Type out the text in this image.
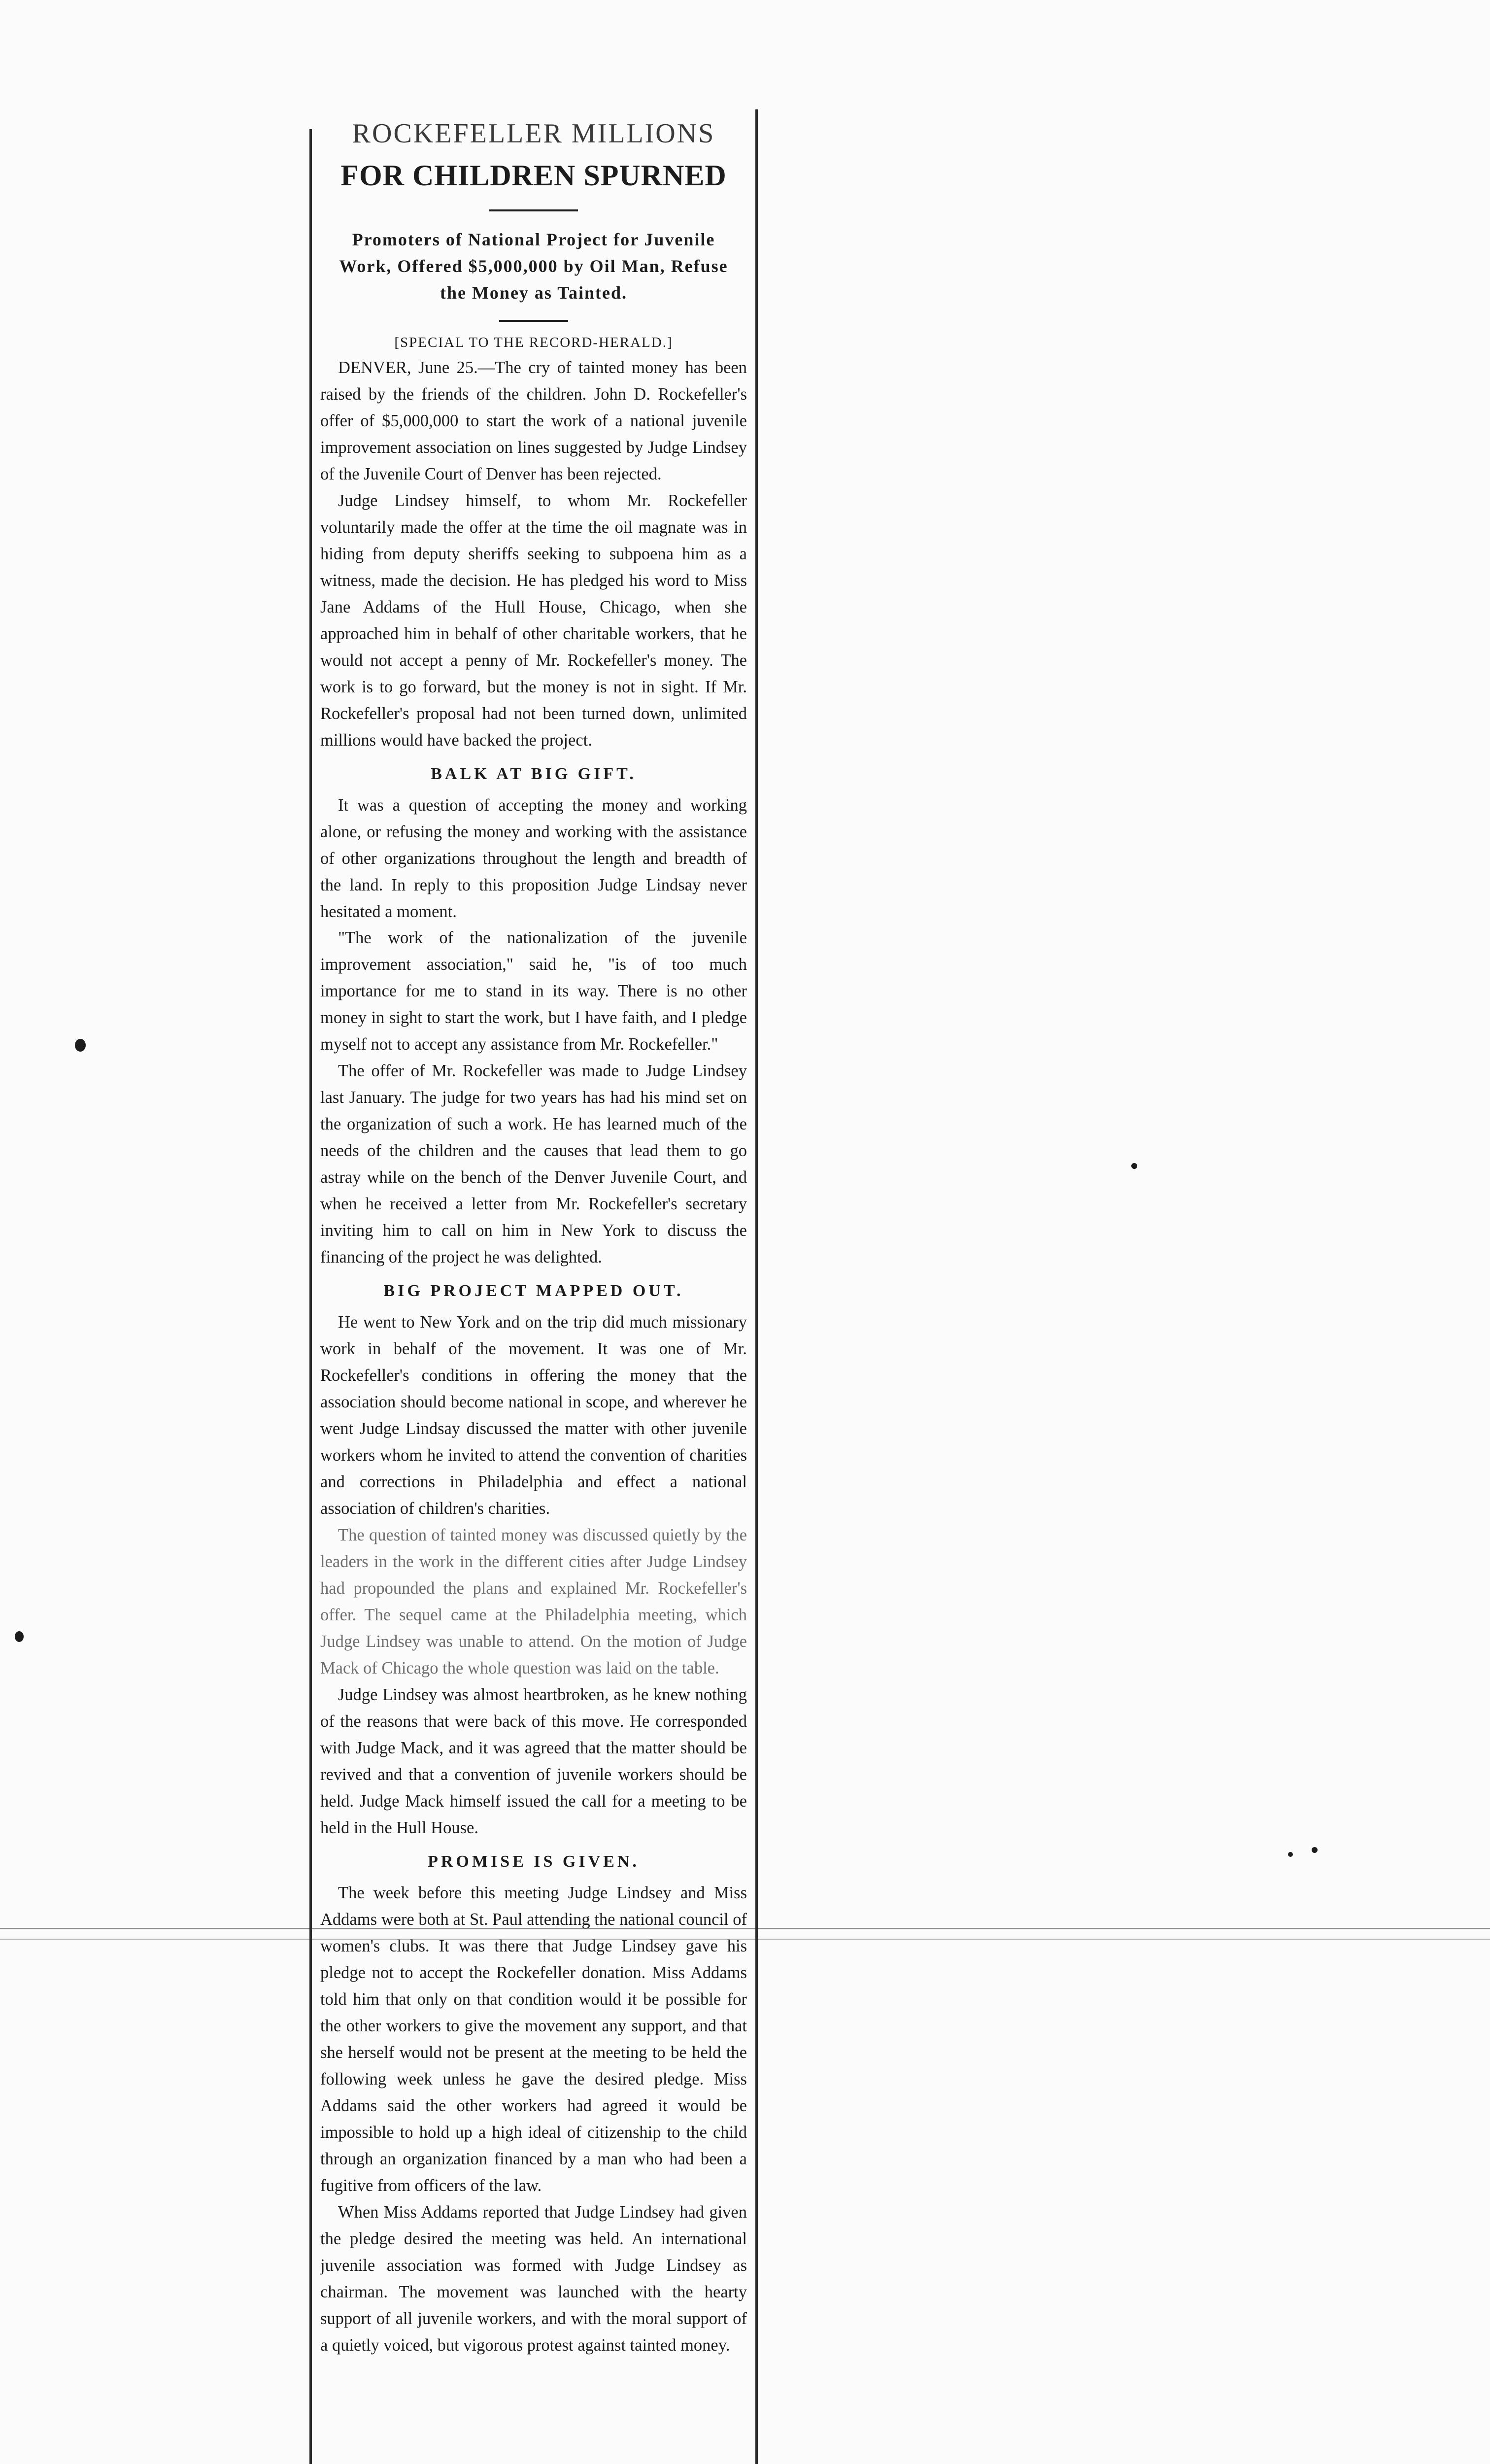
ROCKEFELLER MILLIONS
FOR CHILDREN SPURNED
Promoters of National Project for Juvenile Work, Offered $5,000,000 by Oil Man, Refuse the Money as Tainted.
[SPECIAL TO THE RECORD-HERALD.]

DENVER, June 25.—The cry of tainted money has been raised by the friends of the children. John D. Rockefeller's offer of $5,000,000 to start the work of a national juvenile improvement association on lines suggested by Judge Lindsey of the Juvenile Court of Denver has been rejected.

Judge Lindsey himself, to whom Mr. Rockefeller voluntarily made the offer at the time the oil magnate was in hiding from deputy sheriffs seeking to subpoena him as a witness, made the decision. He has pledged his word to Miss Jane Addams of the Hull House, Chicago, when she approached him in behalf of other charitable workers, that he would not accept a penny of Mr. Rockefeller's money. The work is to go forward, but the money is not in sight. If Mr. Rockefeller's proposal had not been turned down, unlimited millions would have backed the project.

BALK AT BIG GIFT.

It was a question of accepting the money and working alone, or refusing the money and working with the assistance of other organizations throughout the length and breadth of the land. In reply to this proposition Judge Lindsay never hesitated a moment.

"The work of the nationalization of the juvenile improvement association," said he, "is of too much importance for me to stand in its way. There is no other money in sight to start the work, but I have faith, and I pledge myself not to accept any assistance from Mr. Rockefeller."

The offer of Mr. Rockefeller was made to Judge Lindsey last January. The judge for two years has had his mind set on the organization of such a work. He has learned much of the needs of the children and the causes that lead them to go astray while on the bench of the Denver Juvenile Court, and when he received a letter from Mr. Rockefeller's secretary inviting him to call on him in New York to discuss the financing of the project he was delighted.

BIG PROJECT MAPPED OUT.

He went to New York and on the trip did much missionary work in behalf of the movement. It was one of Mr. Rockefeller's conditions in offering the money that the association should become national in scope, and wherever he went Judge Lindsay discussed the matter with other juvenile workers whom he invited to attend the convention of charities and corrections in Philadelphia and effect a national association of children's charities.

The question of tainted money was discussed quietly by the leaders in the work in the different cities after Judge Lindsey had propounded the plans and explained Mr. Rockefeller's offer. The sequel came at the Philadelphia meeting, which Judge Lindsey was unable to attend. On the motion of Judge Mack of Chicago the whole question was laid on the table.

Judge Lindsey was almost heartbroken, as he knew nothing of the reasons that were back of this move. He corresponded with Judge Mack, and it was agreed that the matter should be revived and that a convention of juvenile workers should be held. Judge Mack himself issued the call for a meeting to be held in the Hull House.

PROMISE IS GIVEN.

The week before this meeting Judge Lindsey and Miss Addams were both at St. Paul attending the national council of women's clubs. It was there that Judge Lindsey gave his pledge not to accept the Rockefeller donation. Miss Addams told him that only on that condition would it be possible for the other workers to give the movement any support, and that she herself would not be present at the meeting to be held the following week unless he gave the desired pledge. Miss Addams said the other workers had agreed it would be impossible to hold up a high ideal of citizenship to the child through an organization financed by a man who had been a fugitive from officers of the law.

When Miss Addams reported that Judge Lindsey had given the pledge desired the meeting was held. An international juvenile association was formed with Judge Lindsey as chairman. The movement was launched with the hearty support of all juvenile workers, and with the moral support of a quietly voiced, but vigorous protest against tainted money.
